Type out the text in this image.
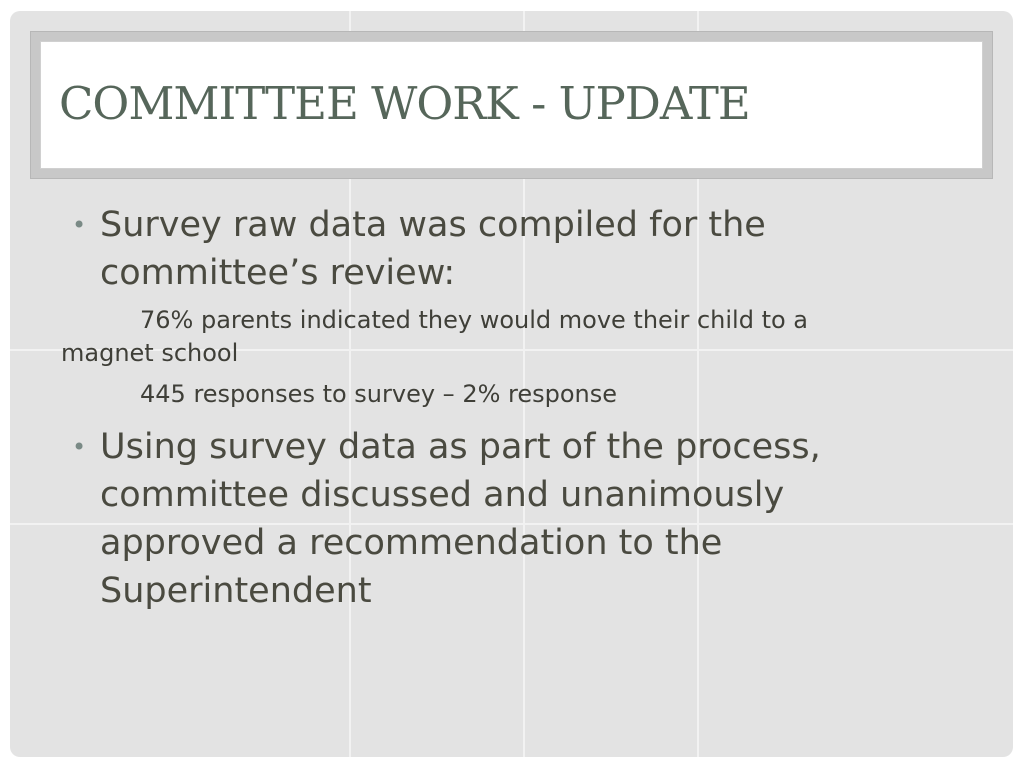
COMMITTEE WORK - UPDATE
• Survey raw data was compiled for the committee’s review:
76% parents indicated they would move their child to a
magnet school
445 responses to survey – 2% response
• Using survey data as part of the process, committee discussed and unanimously approved a recommendation to the Superintendent
